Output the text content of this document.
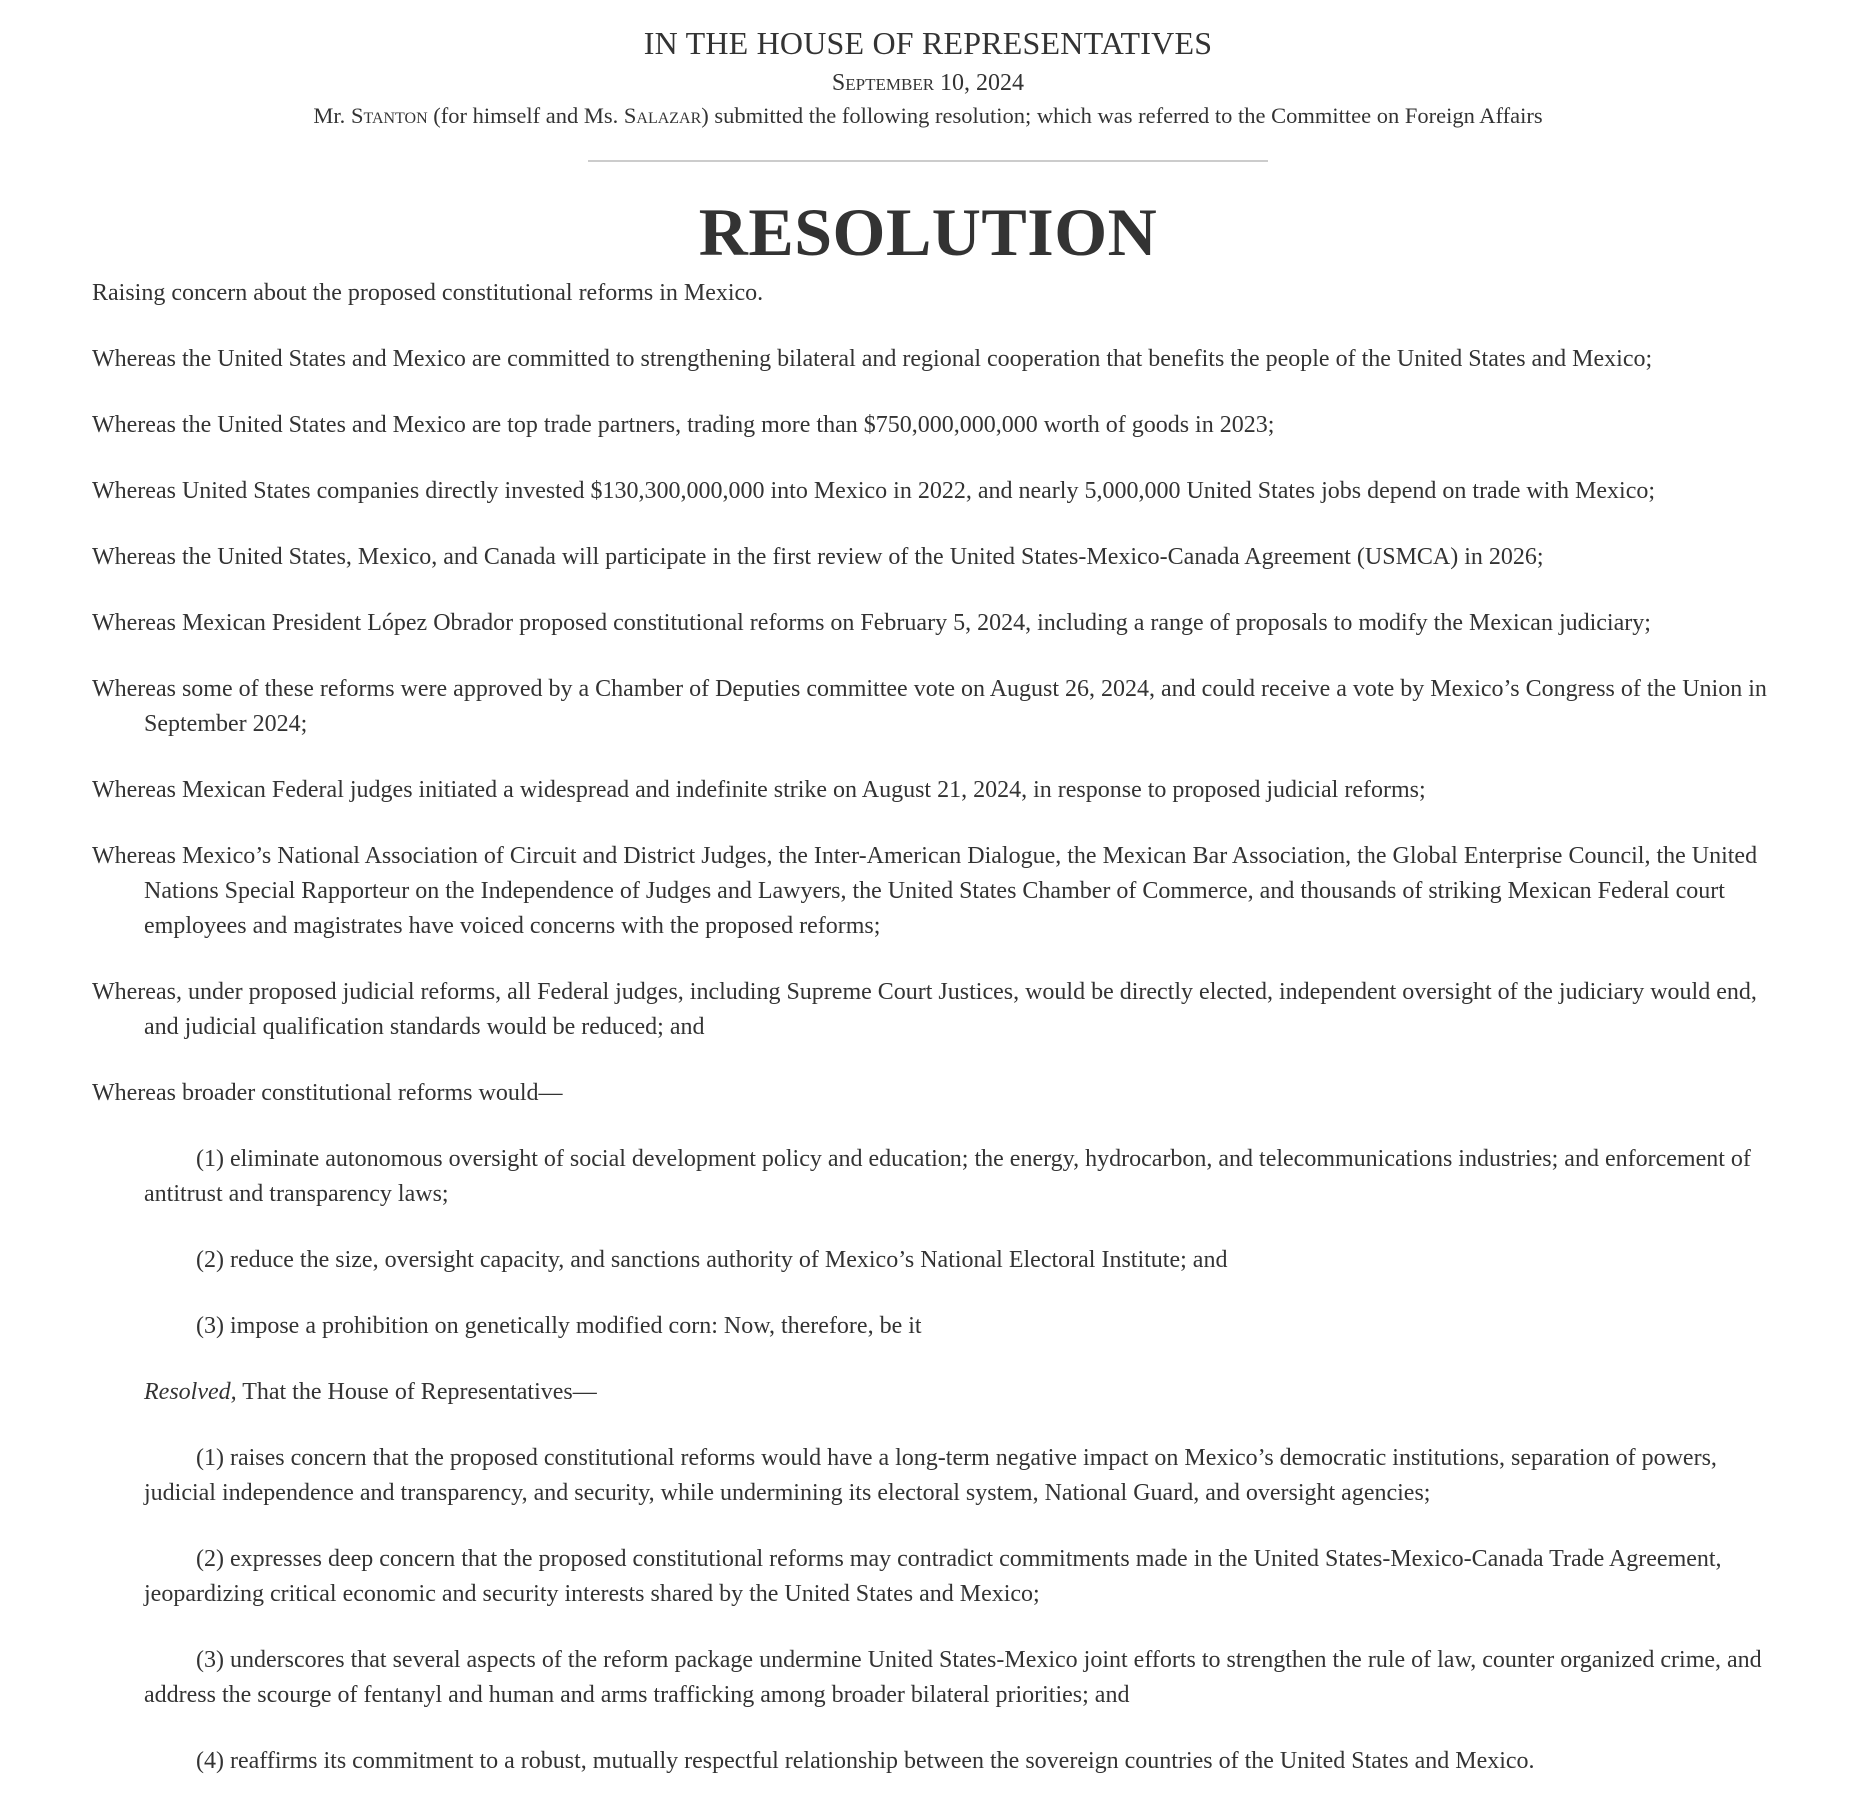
IN THE HOUSE OF REPRESENTATIVES
September 10, 2024
Mr. Stanton (for himself and Ms. Salazar) submitted the following resolution; which was referred to the Committee on Foreign Affairs
RESOLUTION

Raising concern about the proposed constitutional reforms in Mexico.

Whereas the United States and Mexico are committed to strengthening bilateral and regional cooperation that benefits the people of the United States and Mexico;

Whereas the United States and Mexico are top trade partners, trading more than $750,000,000,000 worth of goods in 2023;

Whereas United States companies directly invested $130,300,000,000 into Mexico in 2022, and nearly 5,000,000 United States jobs depend on trade with Mexico;

Whereas the United States, Mexico, and Canada will participate in the first review of the United States-Mexico-Canada Agreement (USMCA) in 2026;

Whereas Mexican President López Obrador proposed constitutional reforms on February 5, 2024, including a range of proposals to modify the Mexican judiciary;

Whereas some of these reforms were approved by a Chamber of Deputies committee vote on August 26, 2024, and could receive a vote by Mexico’s Congress of the Union in September 2024;

Whereas Mexican Federal judges initiated a widespread and indefinite strike on August 21, 2024, in response to proposed judicial reforms;

Whereas Mexico’s National Association of Circuit and District Judges, the Inter-American Dialogue, the Mexican Bar Association, the Global Enterprise Council, the United Nations Special Rapporteur on the Independence of Judges and Lawyers, the United States Chamber of Commerce, and thousands of striking Mexican Federal court employees and magistrates have voiced concerns with the proposed reforms;

Whereas, under proposed judicial reforms, all Federal judges, including Supreme Court Justices, would be directly elected, independent oversight of the judiciary would end, and judicial qualification standards would be reduced; and

Whereas broader constitutional reforms would—

(1) eliminate autonomous oversight of social development policy and education; the energy, hydrocarbon, and telecommunications industries; and enforcement of antitrust and transparency laws;

(2) reduce the size, oversight capacity, and sanctions authority of Mexico’s National Electoral Institute; and

(3) impose a prohibition on genetically modified corn: Now, therefore, be it

Resolved, That the House of Representatives—

(1) raises concern that the proposed constitutional reforms would have a long-term negative impact on Mexico’s democratic institutions, separation of powers, judicial independence and transparency, and security, while undermining its electoral system, National Guard, and oversight agencies;

(2) expresses deep concern that the proposed constitutional reforms may contradict commitments made in the United States-Mexico-Canada Trade Agreement, jeopardizing critical economic and security interests shared by the United States and Mexico;

(3) underscores that several aspects of the reform package undermine United States-Mexico joint efforts to strengthen the rule of law, counter organized crime, and address the scourge of fentanyl and human and arms trafficking among broader bilateral priorities; and

(4) reaffirms its commitment to a robust, mutually respectful relationship between the sovereign countries of the United States and Mexico.
